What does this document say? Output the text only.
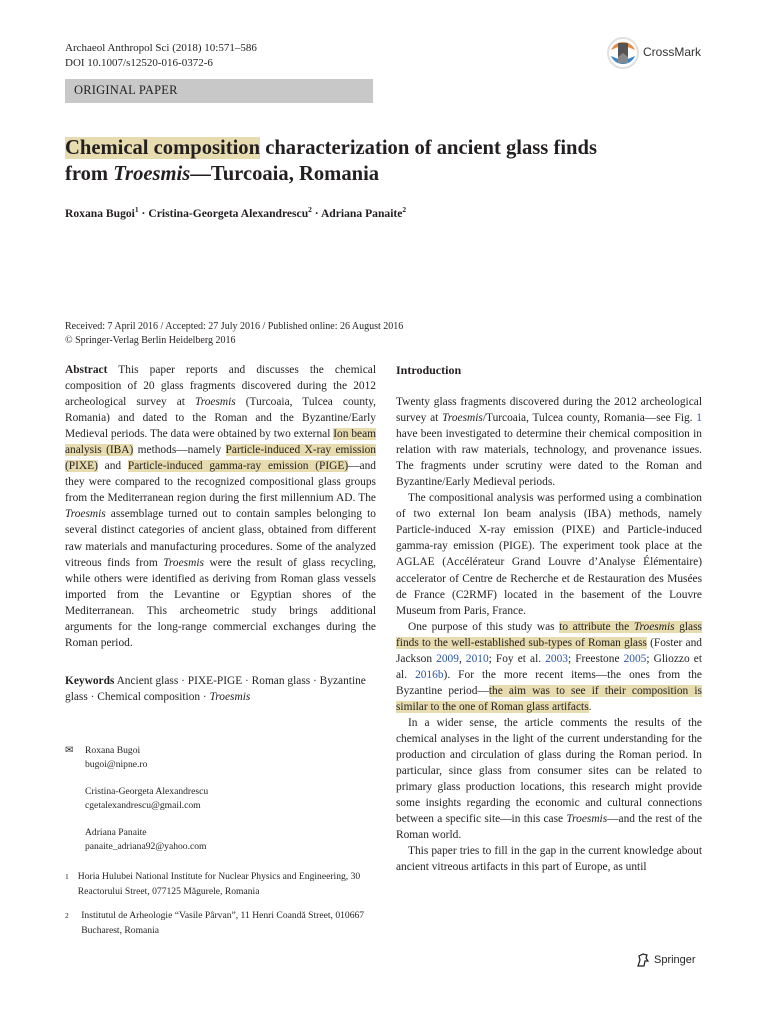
Archaeol Anthropol Sci (2018) 10:571–586
DOI 10.1007/s12520-016-0372-6
CrossMark
ORIGINAL PAPER
Chemical composition characterization of ancient glass finds
from Troesmis—Turcoaia, Romania
Roxana Bugoi$^1$ · Cristina-Georgeta Alexandrescu$^2$ · Adriana Panaite$^2$
Received: 7 April 2016 / Accepted: 27 July 2016 / Published online: 26 August 2016
© Springer-Verlag Berlin Heidelberg 2016

Abstract This paper reports and discusses the chemical composition of 20 glass fragments discovered during the 2012 archeological survey at Troesmis (Turcoaia, Tulcea county, Romania) and dated to the Roman and the Byzantine/Early Medieval periods. The data were obtained by two external Ion beam analysis (IBA) methods—namely Particle-induced X-ray emission (PIXE) and Particle-induced gamma-ray emission (PIGE)—and they were compared to the recognized compositional glass groups from the Mediterranean region during the first millennium AD. The Troesmis assemblage turned out to contain samples belonging to several distinct categories of ancient glass, obtained from different raw materials and manufacturing procedures. Some of the analyzed vitreous finds from Troesmis were the result of glass recycling, while others were identified as deriving from Roman glass vessels imported from the Levantine or Egyptian shores of the Mediterranean. This archeometric study brings additional arguments for the long-range commercial exchanges during the Roman period.

Keywords Ancient glass · PIXE-PIGE · Roman glass · Byzantine glass · Chemical composition · Troesmis

✉	Roxana Bugoi
bugoi@nipne.ro
Cristina-Georgeta Alexandrescu
cgetalexandrescu@gmail.com
Adriana Panaite
panaite_adriana92@yahoo.com
1 Horia Hulubei National Institute for Nuclear Physics and Engineering, 30 Reactorului Street, 077125 Măgurele, Romania
2	Institutul de Arheologie “Vasile Pârvan”, 11 Henri Coandă Street, 010667 Bucharest, Romania
Introduction

Twenty glass fragments discovered during the 2012 archeological survey at Troesmis/Turcoaia, Tulcea county, Romania—see Fig. 1 have been investigated to determine their chemical composition in relation with raw materials, technology, and provenance issues. The fragments under scrutiny were dated to the Roman and Byzantine/Early Medieval periods.

The compositional analysis was performed using a combination of two external Ion beam analysis (IBA) methods, namely Particle-induced X-ray emission (PIXE) and Particle-induced gamma-ray emission (PIGE). The experiment took place at the AGLAE (Accélérateur Grand Louvre d’Analyse Élémentaire) accelerator of Centre de Recherche et de Restauration des Musées de France (C2RMF) located in the basement of the Louvre Museum from Paris, France.

One purpose of this study was to attribute the Troesmis glass finds to the well-established sub-types of Roman glass (Foster and Jackson 2009, 2010; Foy et al. 2003; Freestone 2005; Gliozzo et al. 2016b). For the more recent items—the ones from the Byzantine period—the aim was to see if their composition is similar to the one of Roman glass artifacts.

In a wider sense, the article comments the results of the chemical analyses in the light of the current understanding for the production and circulation of glass during the Roman period. In particular, since glass from consumer sites can be related to primary glass production locations, this research might provide some insights regarding the economic and cultural connections between a specific site—in this case Troesmis—and the rest of the Roman world.

This paper tries to fill in the gap in the current knowledge about ancient vitreous artifacts in this part of Europe, as until

Springer
